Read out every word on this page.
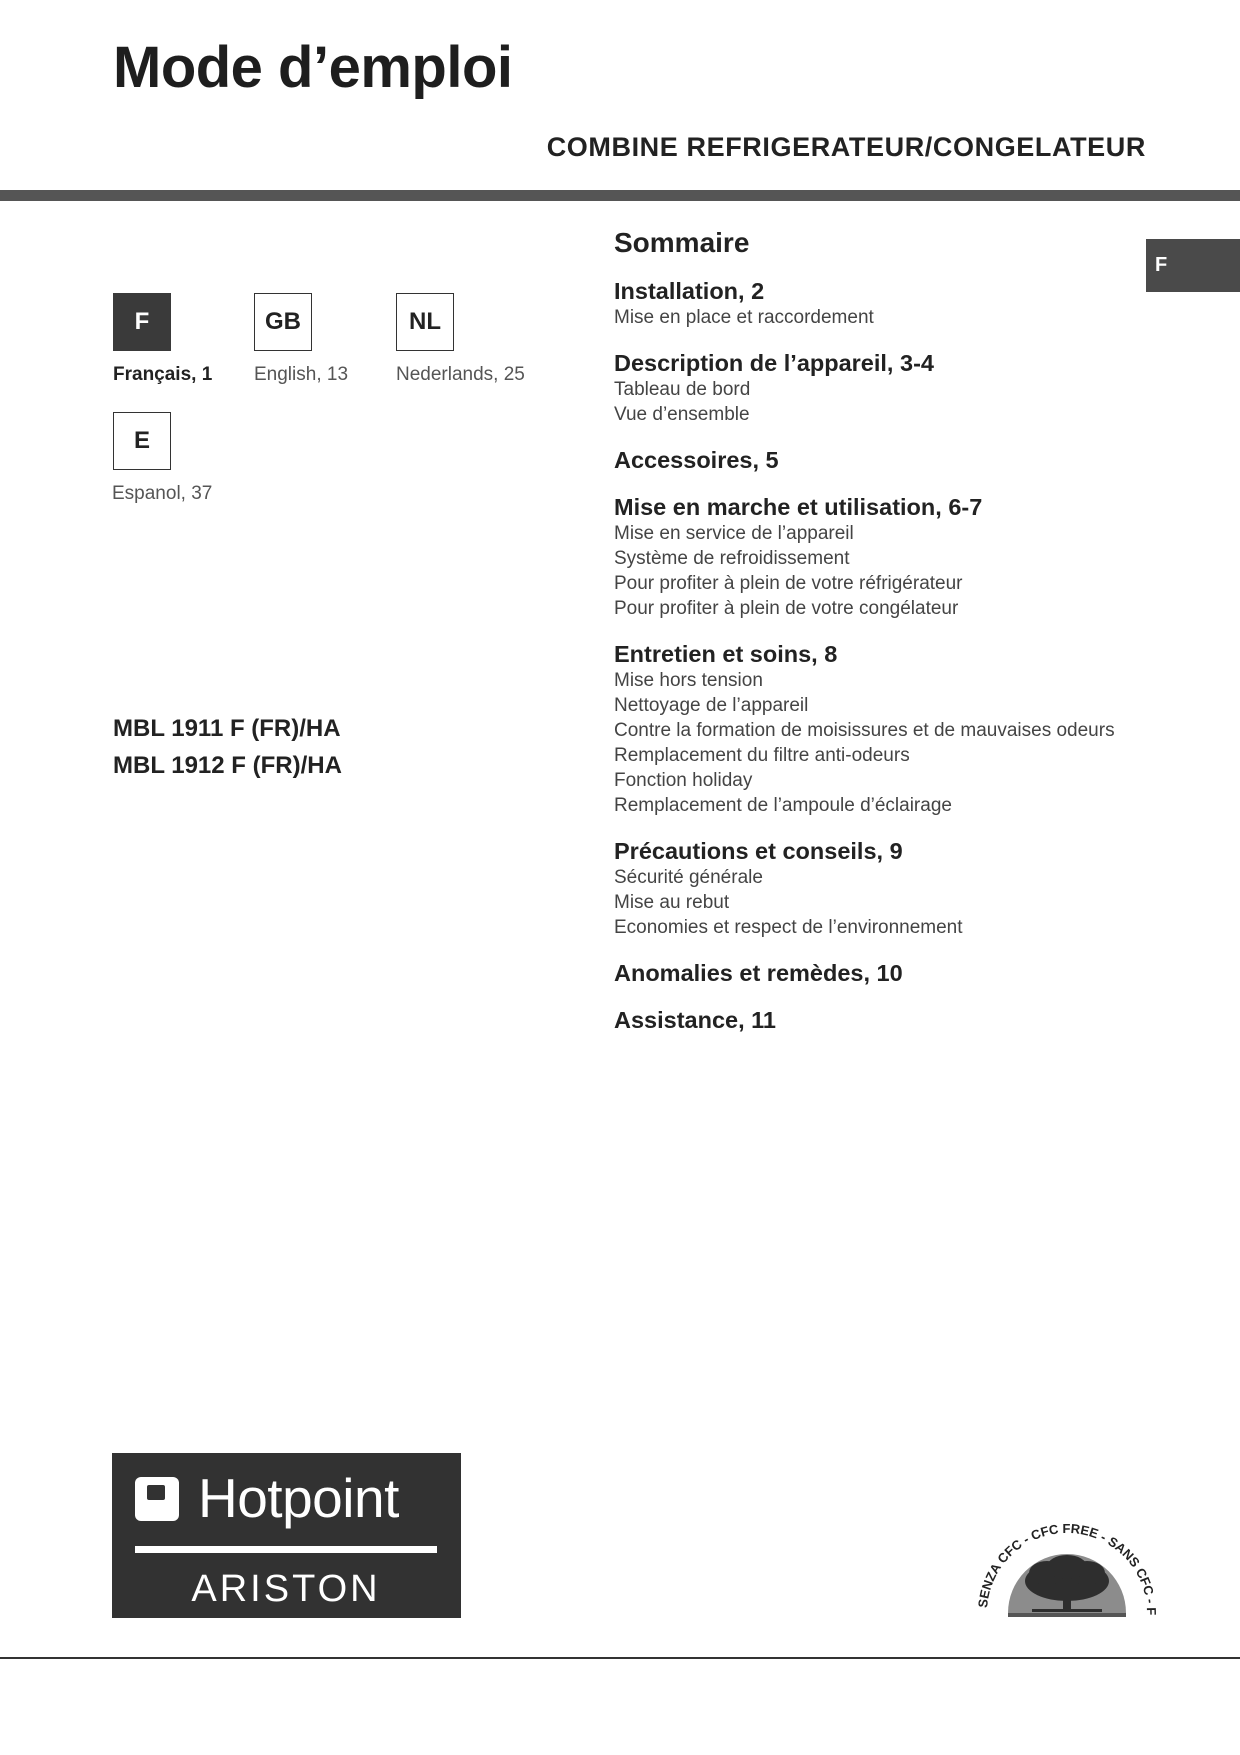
Mode d’emploi
COMBINE REFRIGERATEUR/CONGELATEUR
F
F
Français, 1
GB
English, 13
NL
Nederlands, 25
E
Espanol, 37
MBL 1911 F (FR)/HA
MBL 1912 F (FR)/HA
Sommaire
Installation, 2
Mise en place et raccordement
Description de l’appareil, 3-4
Tableau de bord
Vue d’ensemble
Accessoires, 5
Mise en marche et utilisation, 6-7
Mise en service de l’appareil
Système de refroidissement
Pour profiter à plein de votre réfrigérateur
Pour profiter à plein de votre congélateur
Entretien et soins, 8
Mise hors tension
Nettoyage de l’appareil
Contre la formation de moisissures et de mauvaises odeurs
Remplacement du filtre anti-odeurs
Fonction holiday
Remplacement de l’ampoule d’éclairage
Précautions et conseils, 9
Sécurité générale
Mise au rebut
Economies et respect de l’environnement
Anomalies et remèdes, 10
Assistance, 11
Hotpoint
ARISTON	SENZA CFC - CFC FREE - SANS CFC - F
